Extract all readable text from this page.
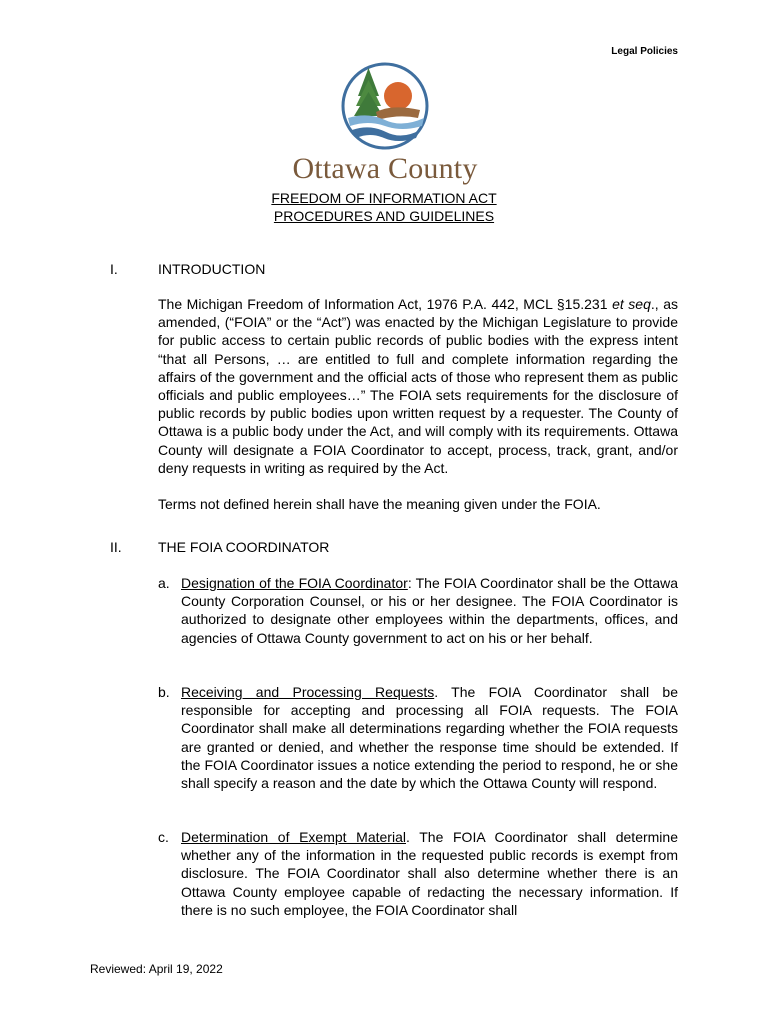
Legal Policies
Ottawa County
FREEDOM OF INFORMATION ACT
PROCEDURES AND GUIDELINES
I.	INTRODUCTION
The Michigan Freedom of Information Act, 1976 P.A. 442, MCL §15.231 et seq., as amended, (“FOIA” or the “Act”) was enacted by the Michigan Legislature to provide for public access to certain public records of public bodies with the express intent “that all Persons, … are entitled to full and complete information regarding the affairs of the government and the official acts of those who represent them as public officials and public employees…” The FOIA sets requirements for the disclosure of public records by public bodies upon written request by a requester. The County of Ottawa is a public body under the Act, and will comply with its requirements. Ottawa County will designate a FOIA Coordinator to accept, process, track, grant, and/or deny requests in writing as required by the Act.
Terms not defined herein shall have the meaning given under the FOIA.
II.	THE FOIA COORDINATOR
a. Designation of the FOIA Coordinator: The FOIA Coordinator shall be the Ottawa County Corporation Counsel, or his or her designee. The FOIA Coordinator is authorized to designate other employees within the departments, offices, and agencies of Ottawa County government to act on his or her behalf.
b. Receiving and Processing Requests. The FOIA Coordinator shall be responsible for accepting and processing all FOIA requests. The FOIA Coordinator shall make all determinations regarding whether the FOIA requests are granted or denied, and whether the response time should be extended. If the FOIA Coordinator issues a notice extending the period to respond, he or she shall specify a reason and the date by which the Ottawa County will respond.
c. Determination of Exempt Material. The FOIA Coordinator shall determine whether any of the information in the requested public records is exempt from disclosure. The FOIA Coordinator shall also determine whether there is an Ottawa County employee capable of redacting the necessary information. If there is no such employee, the FOIA Coordinator shall
Reviewed: April 19, 2022
